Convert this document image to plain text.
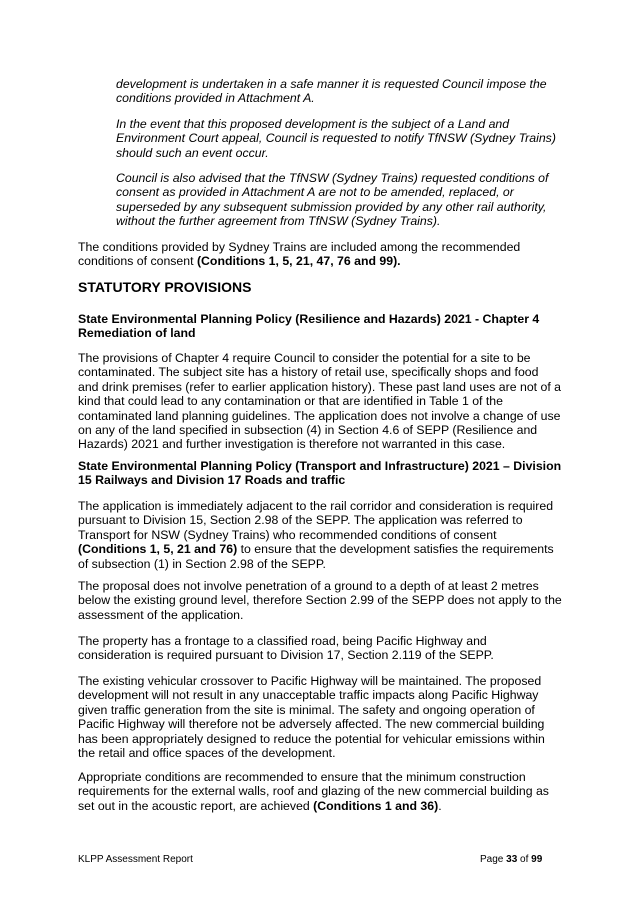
development is undertaken in a safe manner it is requested Council impose the conditions provided in Attachment A.
In the event that this proposed development is the subject of a Land and Environment Court appeal, Council is requested to notify TfNSW (Sydney Trains) should such an event occur.
Council is also advised that the TfNSW (Sydney Trains) requested conditions of consent as provided in Attachment A are not to be amended, replaced, or superseded by any subsequent submission provided by any other rail authority, without the further agreement from TfNSW (Sydney Trains).
The conditions provided by Sydney Trains are included among the recommended conditions of consent (Conditions 1, 5, 21, 47, 76 and 99).
STATUTORY PROVISIONS
State Environmental Planning Policy (Resilience and Hazards) 2021 - Chapter 4 Remediation of land
The provisions of Chapter 4 require Council to consider the potential for a site to be contaminated. The subject site has a history of retail use, specifically shops and food and drink premises (refer to earlier application history). These past land uses are not of a kind that could lead to any contamination or that are identified in Table 1 of the contaminated land planning guidelines. The application does not involve a change of use on any of the land specified in subsection (4) in Section 4.6 of SEPP (Resilience and Hazards) 2021 and further investigation is therefore not warranted in this case.
State Environmental Planning Policy (Transport and Infrastructure) 2021 – Division 15 Railways and Division 17 Roads and traffic
The application is immediately adjacent to the rail corridor and consideration is required pursuant to Division 15, Section 2.98 of the SEPP. The application was referred to Transport for NSW (Sydney Trains) who recommended conditions of consent (Conditions 1, 5, 21 and 76) to ensure that the development satisfies the requirements of subsection (1) in Section 2.98 of the SEPP.
The proposal does not involve penetration of a ground to a depth of at least 2 metres below the existing ground level, therefore Section 2.99 of the SEPP does not apply to the assessment of the application.
The property has a frontage to a classified road, being Pacific Highway and consideration is required pursuant to Division 17, Section 2.119 of the SEPP.
The existing vehicular crossover to Pacific Highway will be maintained. The proposed development will not result in any unacceptable traffic impacts along Pacific Highway given traffic generation from the site is minimal. The safety and ongoing operation of Pacific Highway will therefore not be adversely affected. The new commercial building has been appropriately designed to reduce the potential for vehicular emissions within the retail and office spaces of the development.
Appropriate conditions are recommended to ensure that the minimum construction requirements for the external walls, roof and glazing of the new commercial building as set out in the acoustic report, are achieved (Conditions 1 and 36).
KLPP Assessment Report	Page 33 of 99
